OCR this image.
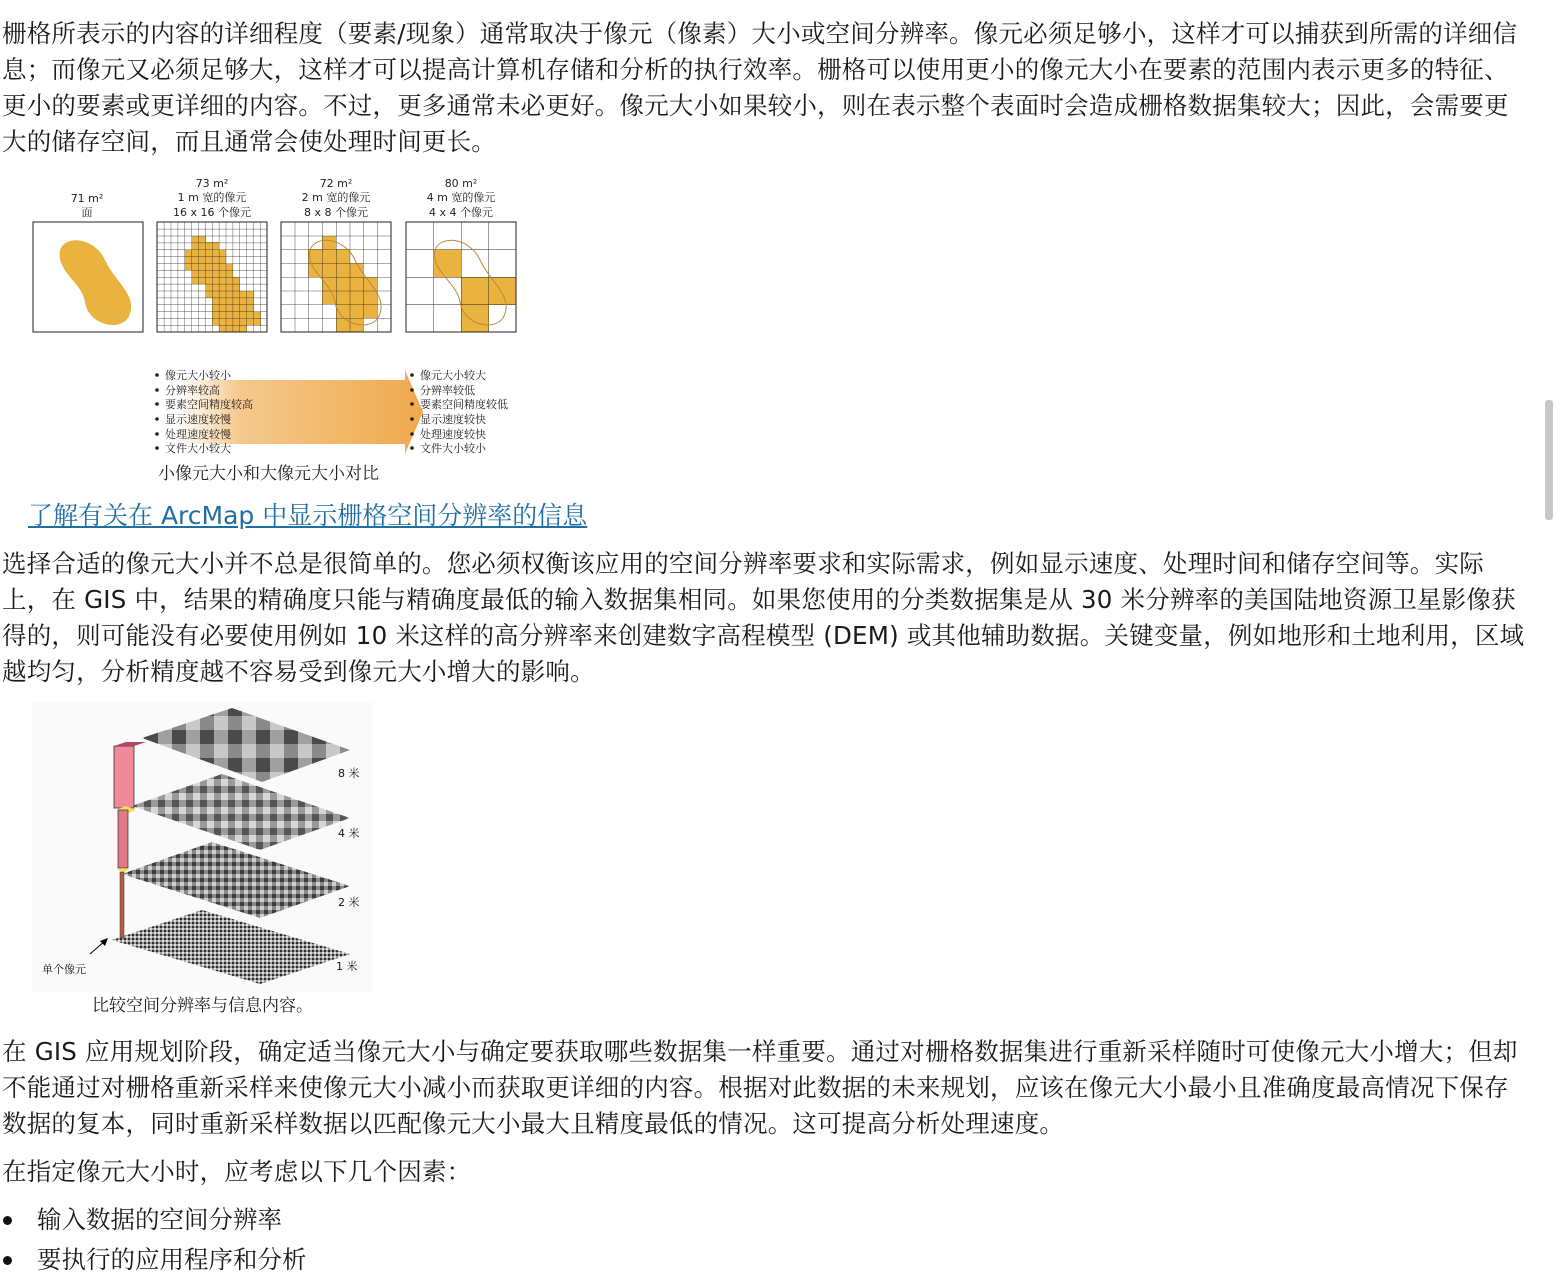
栅格所表示的内容的详细程度（要素/现象）通常取决于像元（像素）大小或空间分辨率。像元必须足够小，这样才可以捕获到所需的详细信息；而像元又必须足够大，这样才可以提高计算机存储和分析的执行效率。栅格可以使用更小的像元大小在要素的范围内表示更多的特征、更小的要素或更详细的内容。不过，更多通常未必更好。像元大小如果较小，则在表示整个表面时会造成栅格数据集较大；因此，会需要更大的储存空间，而且通常会使处理时间更长。

71 m²
面
73 m²
1 m 宽的像元
16 x 16 个像元
72 m²
2 m 宽的像元
8 x 8 个像元
80 m²
4 m 宽的像元
4 x 4 个像元
像元大小较小
分辨率较高
要素空间精度较高
显示速度较慢
处理速度较慢
文件大小较大
像元大小较大
分辨率较低
要素空间精度较低
显示速度较快
处理速度较快
文件大小较小
小像元大小和大像元大小对比
了解有关在 ArcMap 中显示栅格空间分辨率的信息

选择合适的像元大小并不总是很简单的。您必须权衡该应用的空间分辨率要求和实际需求，例如显示速度、处理时间和储存空间等。实际上，在 GIS 中，结果的精确度只能与精确度最低的输入数据集相同。如果您使用的分类数据集是从 30 米分辨率的美国陆地资源卫星影像获得的，则可能没有必要使用例如 10 米这样的高分辨率来创建数字高程模型 (DEM) 或其他辅助数据。关键变量，例如地形和土地利用，区域越均匀，分析精度越不容易受到像元大小增大的影响。

8 米
4 米
2 米
1 米
单个像元
比较空间分辨率与信息内容。

在 GIS 应用规划阶段，确定适当像元大小与确定要获取哪些数据集一样重要。通过对栅格数据集进行重新采样随时可使像元大小增大；但却不能通过对栅格重新采样来使像元大小减小而获取更详细的内容。根据对此数据的未来规划，应该在像元大小最小且准确度最高情况下保存数据的复本，同时重新采样数据以匹配像元大小最大且精度最低的情况。这可提高分析处理速度。

在指定像元大小时，应考虑以下几个因素：

输入数据的空间分辨率
要执行的应用程序和分析
